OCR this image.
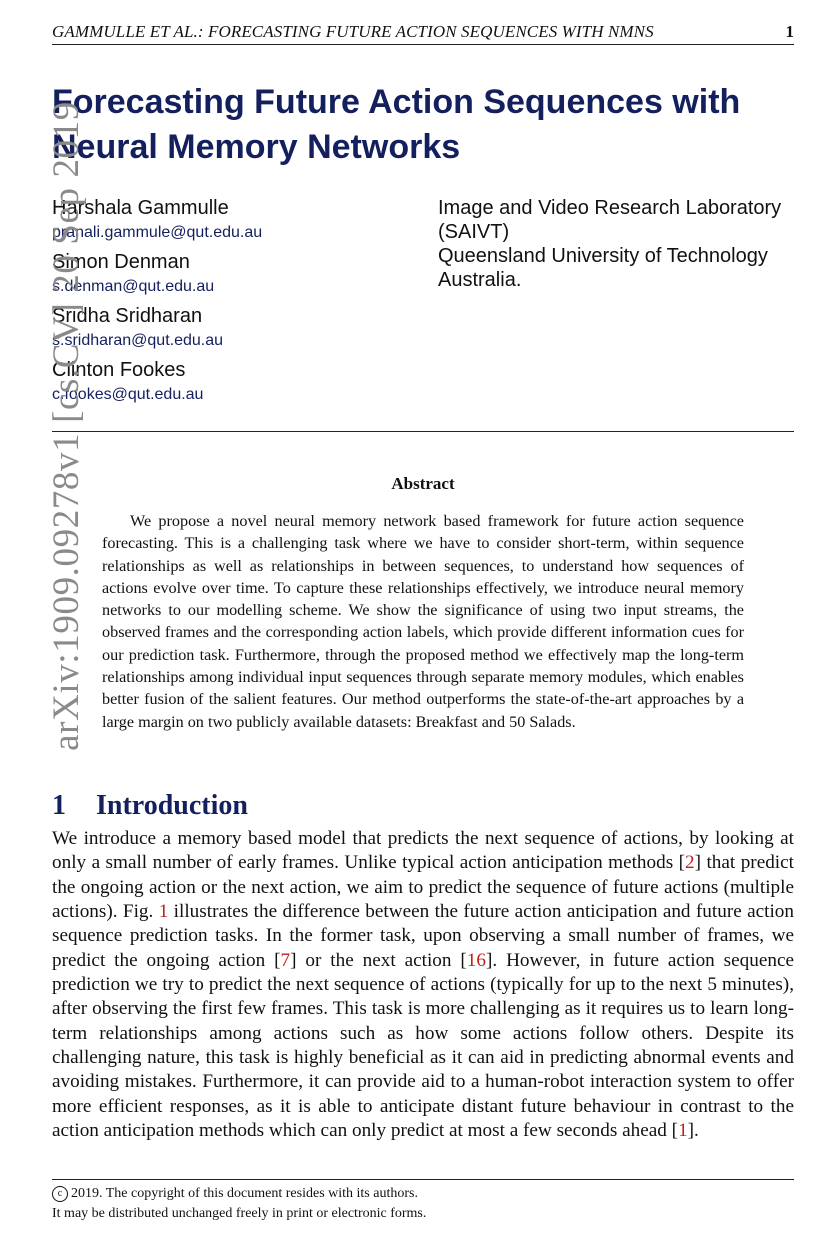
GAMMULLE ET AL.: FORECASTING FUTURE ACTION SEQUENCES WITH NMNS	1
Forecasting Future Action Sequences with
Neural Memory Networks
Harshala Gammulle
pranali.gammule@qut.edu.au
Simon Denman
s.denman@qut.edu.au
Sridha Sridharan
s.sridharan@qut.edu.au
Clinton Fookes
c.fookes@qut.edu.au
Image and Video Research Laboratory
(SAIVT)
Queensland University of Technology
Australia.
Abstract
We propose a novel neural memory network based framework for future action sequence forecasting. This is a challenging task where we have to consider short-term, within sequence relationships as well as relationships in between sequences, to understand how sequences of actions evolve over time. To capture these relationships effectively, we introduce neural memory networks to our modelling scheme. We show the significance of using two input streams, the observed frames and the corresponding action labels, which provide different information cues for our prediction task. Furthermore, through the proposed method we effectively map the long-term relationships among individual input sequences through separate memory modules, which enables better fusion of the salient features. Our method outperforms the state-of-the-art approaches by a large margin on two publicly available datasets: Breakfast and 50 Salads.
1 Introduction
We introduce a memory based model that predicts the next sequence of actions, by looking at only a small number of early frames. Unlike typical action anticipation methods [2] that predict the ongoing action or the next action, we aim to predict the sequence of future actions (multiple actions). Fig. 1 illustrates the difference between the future action anticipation and future action sequence prediction tasks. In the former task, upon observing a small number of frames, we predict the ongoing action [7] or the next action [16]. However, in future action sequence prediction we try to predict the next sequence of actions (typically for up to the next 5 minutes), after observing the first few frames. This task is more challenging as it requires us to learn long-term relationships among actions such as how some actions follow others. Despite its challenging nature, this task is highly beneficial as it can aid in predicting abnormal events and avoiding mistakes. Furthermore, it can provide aid to a human-robot interaction system to offer more efficient responses, as it is able to anticipate distant future behaviour in contrast to the action anticipation methods which can only predict at most a few seconds ahead [1].
c 2019. The copyright of this document resides with its authors.
It may be distributed unchanged freely in print or electronic forms.
arXiv:1909.09278v1 [cs.CV] 20 Sep 2019
